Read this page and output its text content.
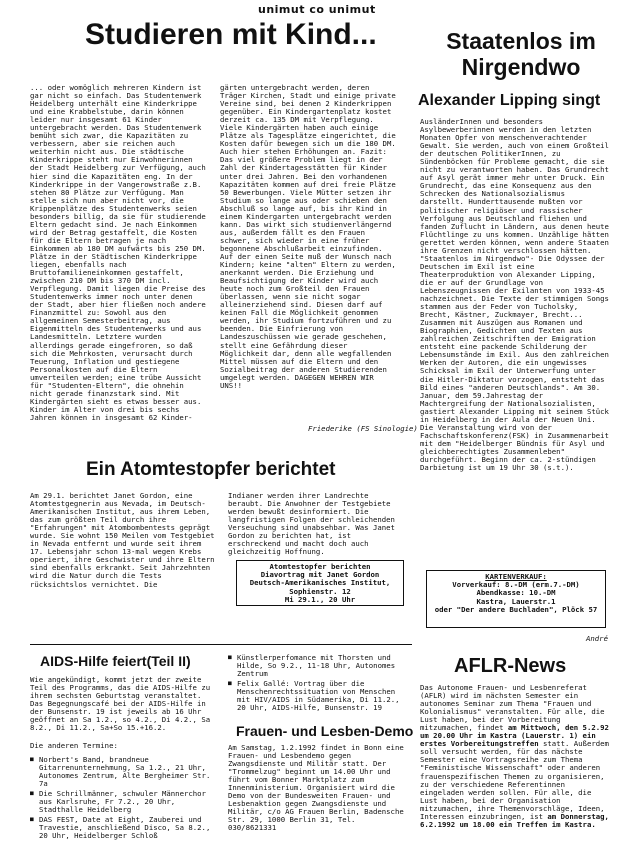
unimut co unimut
Studieren mit Kind...
... oder womöglich mehreren Kindern ist gar nicht so einfach. Das Studentenwerk Heidelberg unterhält eine Kinderkrippe und eine Krabbelstube, darin können leider nur insgesamt 61 Kinder untergebracht werden. Das Studentenwerk bemüht sich zwar, die Kapazitäten zu verbessern, aber sie reichen auch weiterhin nicht aus. Die städtische Kinderkrippe steht nur Einwohnerinnen der Stadt Heidelberg zur Verfügung, auch hier sind die Kapazitäten eng. In der Kinderkrippe in der Vangerowstraße z.B. stehen 80 Plätze zur Verfügung. Man stelle sich nun aber nicht vor, die Krippenplätze des Studentenwerks seien besonders billig, da sie für studierende Eltern gedacht sind. Je nach Einkommen wird der Betrag gestaffelt, die Kosten für die Eltern betragen je nach Einkommen ab 180 DM aufwärts bis 250 DM. Plätze in der Städtischen Kinderkrippe liegen, ebenfalls nach Bruttofamilieneinkommen gestaffelt, zwischen 210 DM bis 370 DM incl. Verpflegung. Damit liegen die Preise des Studentenwerks immer noch unter denen der Stadt, aber hier fließen noch andere Finanzmittel zu: Sowohl aus den allgemeinen Semesterbeitrag, aus Eigenmitteln des Studentenwerks und aus Landesmitteln. Letztere wurden allerdings gerade eingefroren, so daß sich die Mehrkosten, verursacht durch Teuerung, Inflation und gestiegene Personalkosten auf die Eltern umverteilen werden; eine trübe Aussicht für "Studenten-Eltern", die ohnehin nicht gerade finanzstark sind. Mit Kindergärten sieht es etwas besser aus. Kinder im Alter von drei bis sechs Jahren können in insgesamt 62 Kinder-
gärten untergebracht werden, deren Träger Kirchen, Stadt und einige private Vereine sind, bei denen 2 Kinderkrippen gegenüber. Ein Kindergartenplatz kostet derzeit ca. 135 DM mit Verpflegung. Viele Kindergärten haben auch einige Plätze als Tagesplätze eingerichtet, die Kosten dafür bewegen sich um die 180 DM. Auch hier stehen Erhöhungen an. Fazit: Das viel größere Problem liegt in der Zahl der Kindertagesstätten für Kinder unter drei Jahren. Bei den vorhandenen Kapazitäten kommen auf drei freie Plätze 50 Bewerbungen. Viele Mütter setzen ihr Studium so lange aus oder schieben den Abschluß so lange auf, bis ihr Kind in einem Kindergarten untergebracht werden kann. Das wirkt sich studienverlängernd aus, außerdem fällt es den Frauen schwer, sich wieder in eine früher begonnene Abschlußarbeit einzufinden. Auf der einen Seite muß der Wunsch nach Kindern; keine "alten" Eltern zu werden, anerkannt werden. Die Erziehung und Beaufsichtigung der Kinder wird auch heute noch zum Großteil den Frauen überlassen, wenn sie nicht sogar alleinerziehend sind. Diesen darf auf keinen Fall die Möglichkeit genommen werden, ihr Studium fortzuführen und zu beenden. Die Einfrierung von Landeszuschüssen wie gerade geschehen, stellt eine Gefährdung dieser Möglichkeit dar, denn alle wegfallenden Mittel müssen auf die Eltern und den Sozialbeitrag der anderen Studierenden umgelegt werden. DAGEGEN WEHREN WIR UNS!!
Friederike (FS Sinologie)
Staatenlos im
Nirgendwo
Alexander Lipping singt
AusländerInnen und besonders Asylbewerberinnen werden in den letzten Monaten Opfer von menschenverachtender Gewalt. Sie werden, auch von einem Großteil der deutschen PolitikerInnen, zu Sündenböcken für Probleme gemacht, die sie nicht zu verantworten haben. Das Grundrecht auf Asyl gerät immer mehr unter Druck. Ein Grundrecht, das eine Konsequenz aus den Schrecken des Nationalsozialismus darstellt. Hunderttausende mußten vor politischer religiöser und rassischer Verfolgung aus Deutschland fliehen und fanden Zuflucht in Ländern, aus denen heute Flüchtlinge zu uns kommen. Unzählige hätten gerettet werden können, wenn andere Staaten ihre Grenzen nicht verschlossen hätten. "Staatenlos im Nirgendwo"- Die Odyssee der Deutschen im Exil ist eine Theaterproduktion von Alexander Lipping, die er auf der Grundlage von Lebenszeugnissen der Exilanten von 1933-45 nachzeichnet. Die Texte der stimmigen Songs stammen aus der Feder von Tucholsky, Brecht, Kästner, Zuckmayer, Brecht... Zusammen mit Auszügen aus Romanen und Biographien, Gedichten und Texten aus zahlreichen Zeitschriften der Emigration entsteht eine packende Schilderung der Lebensumstände im Exil. Aus den zahlreichen Werken der Autoren, die ein ungewisses Schicksal im Exil der Unterwerfung unter die Hitler-Diktatur vorzogen, entsteht das Bild eines "anderen Deutschlands". Am 30. Januar, dem 59.Jahrestag der Machtergreifung der Nationalsozialisten, gastiert Alexander Lipping mit seinem Stück in Heidelberg in der Aula der Neuen Uni. Die Veranstaltung wird von der Fachschaftskonferenz(FSK) in Zusammenarbeit mit dem "Heidelberger Bündnis für Asyl und gleichberechtigtes Zusammenleben" durchgeführt. Beginn der ca. 2-stündigen Darbietung ist um 19 Uhr 30 (s.t.).
KARTENVERKAUF:
Vorverkauf: 8.-DM (erm.7.-DM) Abendkasse: 10.-DM
Kastra, Lauerstr.1
oder "Der andere Buchladen", Plöck 57
André
Ein Atomtestopfer berichtet
Am 29.1. berichtet Janet Gordon, eine Atomtestgegnerin aus Nevada, im Deutsch-Amerikanischen Institut, aus ihrem Leben, das zum größten Teil durch ihre "Erfahrungen" mit Atombombentests geprägt wurde. Sie wohnt 150 Meilen vom Testgebiet in Nevada entfernt und wurde seit ihrem 17. Lebensjahr schon 13-mal wegen Krebs operiert, ihre Geschwister und ihre Eltern sind ebenfalls erkrankt. Seit Jahrzehnten wird die Natur durch die Tests rücksichtslos vernichtet. Die
Indianer werden ihrer Landrechte beraubt. Die Anwohner der Testgebiete werden bewußt desinformiert. Die langfristigen Folgen der schleichenden Verseuchung sind unabsehbar. Was Janet Gordon zu berichten hat, ist erschreckend und macht doch auch gleichzeitig Hoffnung.
Atomtestopfer berichten
Diavortrag mit Janet Gordon
Deutsch-Amerikanisches Institut, Sophienstr. 12
Mi 29.1., 20 Uhr
AIDS-Hilfe feiert(Teil II)
Wie angekündigt, kommt jetzt der zweite Teil des Programms, das die AIDS-Hilfe zu ihrem sechsten Geburtstag veranstaltet. Das Begegnungscafé bei der AIDS-Hilfe in der Bunsenstr. 19 ist jeweils ab 16 Uhr geöffnet an Sa 1.2., so 4.2., Di 4.2., Sa 8.2., Di 11.2., Sa+So 15.+16.2.
Die anderen Termine:
■ Norbert's Band, brandneue Gitarrenunternehmung, Sa 1.2., 21 Uhr, Autonomes Zentrum, Alte Bergheimer Str. 7a
■ Die Schrillmänner, schwuler Männerchor aus Karlsruhe, Fr 7.2., 20 Uhr, Stadthalle Heidelberg
■ DAS FEST, Date at Eight, Zauberei und Travestie, anschließend Disco, Sa 8.2., 20 Uhr, Heidelberger Schloß
■ Künstlerperfomance mit Thorsten und Hilde, So 9.2., 11-18 Uhr, Autonomes Zentrum
■ Felix Gallé: Vortrag über die Menschenrechtssituation von Menschen mit HIV/AIDS in Südamerika, Di 11.2., 20 Uhr, AIDS-Hilfe, Bunsenstr. 19
Frauen- und Lesben-Demo
Am Samstag, 1.2.1992 findet in Bonn eine Frauen- und Lesbendemo gegen Zwangsdienste und Militär statt. Der "Trommelzug" beginnt um 14.00 Uhr und führt vom Bonner Marktplatz zum Innenministerium. Organisiert wird die Demo von der Bundesweiten Frauen- und Lesbenaktion gegen Zwangsdienste und Militär, c/o AG Frauen Berlin, Badensche Str. 29, 1000 Berlin 31, Tel. 030/8621331
AFLR-News
Das Autonome Frauen- und Lesbenreferat (AFLR) wird im nächsten Semester ein autonomes Seminar zum Thema "Frauen und Kolonialismus" veranstalten. Für alle, die Lust haben, bei der Vorbereitung mitzumachen, findet am Mittwoch, den 5.2.92 um 20.00 Uhr im Kastra (Lauerstr. 1) ein erstes Vorbereitungstreffen statt. Außerdem soll versucht werden, für das nächste Semester eine Vortragsreihe zum Thema "Feministische Wissenschaft" oder anderen frauenspezifischen Themen zu organisieren, zu der verschiedene Referentinnen eingeladen werden sollen. Für alle, die Lust haben, bei der Organisation mitzumachen, ihre Themenvorschläge, Ideen, Interessen einzubringen, ist am Donnerstag, 6.2.1992 um 18.00 ein Treffen im Kastra.
